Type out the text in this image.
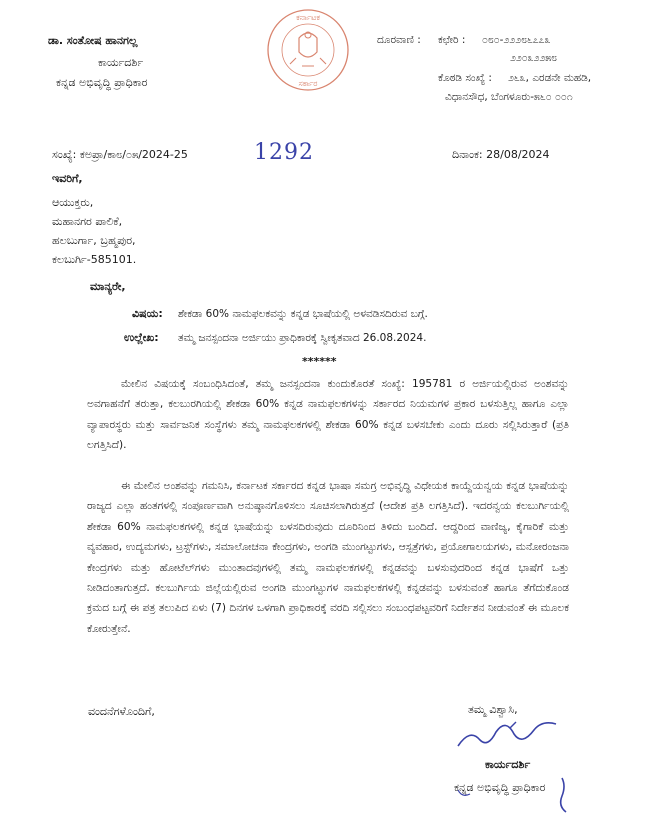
ಡಾ. ಸಂತೋಷ ಹಾನಗಲ್ಲ
ಕಾರ್ಯದರ್ಶಿ
ಕನ್ನಡ ಅಭಿವೃದ್ಧಿ ಪ್ರಾಧಿಕಾರ
ಕರ್ನಾಟಕ
ಸರ್ಕಾರ
ದೂರವಾಣಿ : ಕಛೇರಿ : ೦೮೦-೨೨೨೮೬೭೭೩
೨೨೦೩೨೨೫೮
ಕೊಠಡಿ ಸಂಖ್ಯೆ : ೨೬೩, ಎರಡನೇ ಮಹಡಿ,
ವಿಧಾನಸೌಧ, ಬೆಂಗಳೂರು-೫೬೦ ೦೦೧
ಸಂಖ್ಯೆ: ಕಅಪ್ರಾ/ಕಾ೮/೦೫/2024-25	1292	ದಿನಾಂಕ: 28/08/2024
ಇವರಿಗೆ,
ಆಯುಕ್ತರು,
ಮಹಾನಗರ ಪಾಲಿಕೆ,
ಹಲಬುರ್ಗಾ, ಬ್ರಹ್ಮಪುರ,
ಕಲಬುರ್ಗಿ-585101.
ಮಾನ್ಯರೇ,
ವಿಷಯ: ಶೇಕಡಾ 60% ನಾಮಫಲಕವನ್ನು ಕನ್ನಡ ಭಾಷೆಯಲ್ಲಿ ಅಳವಡಿಸದಿರುವ ಬಗ್ಗೆ.
ಉಲ್ಲೇಖ: ತಮ್ಮ ಜನಸ್ಪಂದನಾ ಅರ್ಜಿಯು ಪ್ರಾಧಿಕಾರಕ್ಕೆ ಸ್ವೀಕೃತವಾದ 26.08.2024.
******
ಮೇಲಿನ ವಿಷಯಕ್ಕೆ ಸಂಬಂಧಿಸಿದಂತೆ, ತಮ್ಮ ಜನಸ್ಪಂದನಾ ಕುಂದುಕೊರತೆ ಸಂಖ್ಯೆ: 195781 ರ ಅರ್ಜಿಯಲ್ಲಿರುವ ಅಂಶವನ್ನು ಅವಗಾಹನೆಗೆ ತರುತ್ತಾ, ಕಲಬುರಗಿಯಲ್ಲಿ ಶೇಕಡಾ 60% ಕನ್ನಡ ನಾಮಫಲಕಗಳನ್ನು ಸರ್ಕಾರದ ನಿಯಮಗಳ ಪ್ರಕಾರ ಬಳಸುತ್ತಿಲ್ಲ ಹಾಗೂ ಎಲ್ಲಾ ವ್ಯಾಪಾರಸ್ಥರು ಮತ್ತು ಸಾರ್ವಜನಿಕ ಸಂಸ್ಥೆಗಳು ತಮ್ಮ ನಾಮಫಲಕಗಳಲ್ಲಿ ಶೇಕಡಾ 60% ಕನ್ನಡ ಬಳಸಬೇಕು ಎಂದು ದೂರು ಸಲ್ಲಿಸಿರುತ್ತಾರೆ (ಪ್ರತಿ ಲಗತ್ತಿಸಿದೆ).
ಈ ಮೇಲಿನ ಅಂಶವನ್ನು ಗಮನಿಸಿ, ಕರ್ನಾಟಕ ಸರ್ಕಾರದ ಕನ್ನಡ ಭಾಷಾ ಸಮಗ್ರ ಅಭಿವೃದ್ಧಿ ವಿಧೇಯಕ ಕಾಯ್ದೆಯನ್ವಯ ಕನ್ನಡ ಭಾಷೆಯನ್ನು ರಾಜ್ಯದ ಎಲ್ಲಾ ಹಂತಗಳಲ್ಲಿ ಸಂಪೂರ್ಣವಾಗಿ ಅನುಷ್ಠಾನಗೊಳಿಸಲು ಸೂಚಿಸಲಾಗಿರುತ್ತದೆ (ಆದೇಶ ಪ್ರತಿ ಲಗತ್ತಿಸಿದೆ). ಇದರನ್ವಯ ಕಲಬುರ್ಗಿಯಲ್ಲಿ ಶೇಕಡಾ 60% ನಾಮಫಲಕಗಳಲ್ಲಿ ಕನ್ನಡ ಭಾಷೆಯನ್ನು ಬಳಸದಿರುವುದು ದೂರಿನಿಂದ ತಿಳಿದು ಬಂದಿದೆ. ಆದ್ದರಿಂದ ವಾಣಿಜ್ಯ, ಕೈಗಾರಿಕೆ ಮತ್ತು ವ್ಯವಹಾರ, ಉದ್ಯಮಗಳು, ಟ್ರಸ್ಟ್‌ಗಳು, ಸಮಾಲೋಚನಾ ಕೇಂದ್ರಗಳು, ಅಂಗಡಿ ಮುಂಗಟ್ಟುಗಳು, ಆಸ್ಪತ್ರೆಗಳು, ಪ್ರಯೋಗಾಲಯಗಳು, ಮನೋರಂಜನಾ ಕೇಂದ್ರಗಳು ಮತ್ತು ಹೋಟೆಲ್‌ಗಳು ಮುಂತಾದವುಗಳಲ್ಲಿ ತಮ್ಮ ನಾಮಫಲಕಗಳಲ್ಲಿ ಕನ್ನಡವನ್ನು ಬಳಸುವುದರಿಂದ ಕನ್ನಡ ಭಾಷೆಗೆ ಒತ್ತು ನೀಡಿದಂತಾಗುತ್ತದೆ. ಕಲಬುರ್ಗಿಯ ಜಿಲ್ಲೆಯಲ್ಲಿರುವ ಅಂಗಡಿ ಮುಂಗಟ್ಟುಗಳ ನಾಮಫಲಕಗಳಲ್ಲಿ ಕನ್ನಡವನ್ನು ಬಳಸುವಂತೆ ಹಾಗೂ ತೆಗೆದುಕೊಂಡ ಕ್ರಮದ ಬಗ್ಗೆ ಈ ಪತ್ರ ತಲುಪಿದ ಏಳು (7) ದಿನಗಳ ಒಳಗಾಗಿ ಪ್ರಾಧಿಕಾರಕ್ಕೆ ವರದಿ ಸಲ್ಲಿಸಲು ಸಂಬಂಧಪಟ್ಟವರಿಗೆ ನಿರ್ದೇಶನ ನೀಡುವಂತೆ ಈ ಮೂಲಕ ಕೋರುತ್ತೇನೆ.
ವಂದನೆಗಳೊಂದಿಗೆ,	ತಮ್ಮ ವಿಶ್ವಾಸಿ,
ಕಾರ್ಯದರ್ಶಿ
ಕನ್ನಡ ಅಭಿವೃದ್ಧಿ ಪ್ರಾಧಿಕಾರ
